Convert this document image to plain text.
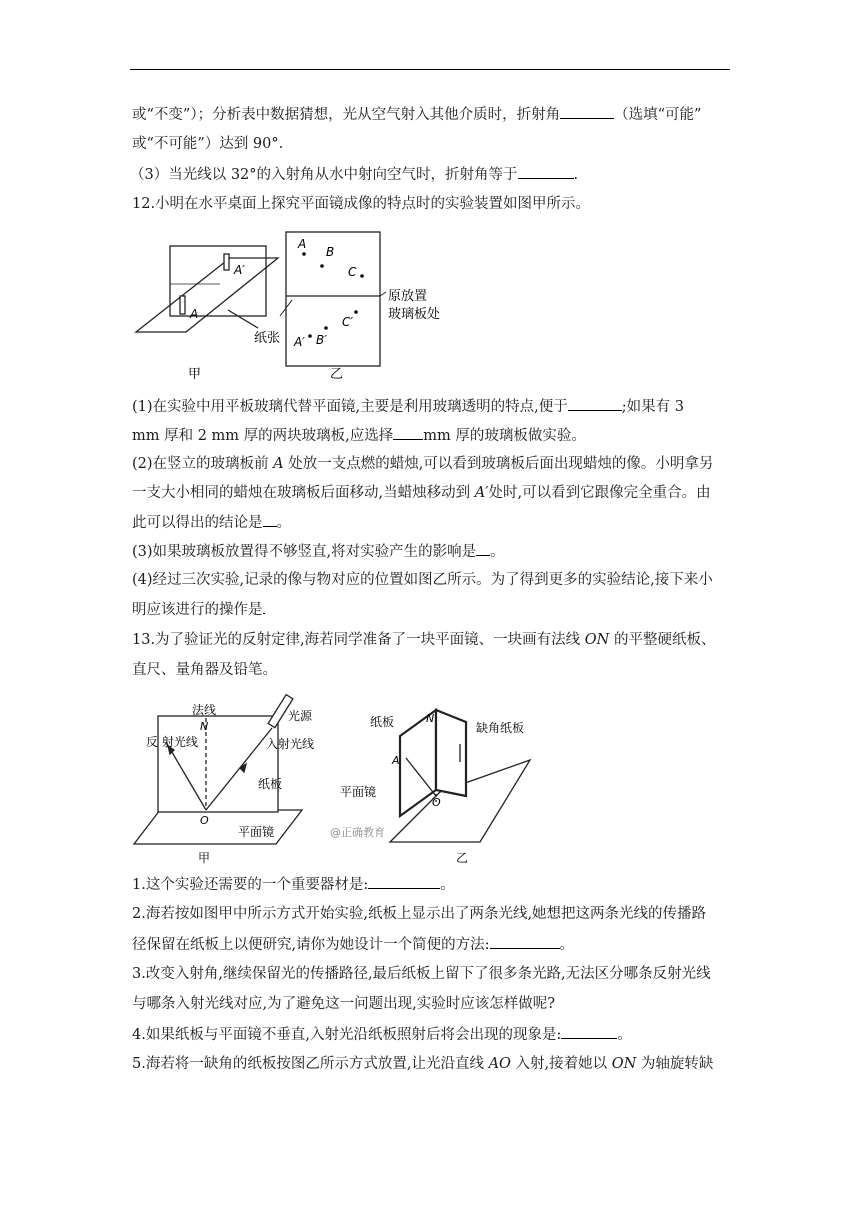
或“不变”）；分析表中数据猜想，光从空气射入其他介质时，折射角	（选填“可能”
或“不可能”）达到 90°.
（3）当光线以 32°的入射角从水中射向空气时，折射角等于	.
12.小明在水平桌面上探究平面镜成像的特点时的实验装置如图甲所示。
A′
A
纸张
甲
A
B
C
A′ B′
C′
原放置
玻璃板处
乙
(1)在实验中用平板玻璃代替平面镜,主要是利用玻璃透明的特点,便于	;如果有 3
mm 厚和 2 mm 厚的两块玻璃板,应选择 mm 厚的玻璃板做实验。
(2)在竖立的玻璃板前 A 处放一支点燃的蜡烛,可以看到玻璃板后面出现蜡烛的像。小明拿另
一支大小相同的蜡烛在玻璃板后面移动,当蜡烛移动到 A′处时,可以看到它跟像完全重合。由
此可以得出的结论是 。
(3)如果玻璃板放置得不够竖直,将对实验产生的影响是 。
(4)经过三次实验,记录的像与物对应的位置如图乙所示。为了得到更多的实验结论,接下来小
明应该进行的操作是
13.为了验证光的反射定律,海若同学准备了一块平面镜、一块画有法线 ON 的平整硬纸板、
直尺、量角器及铅笔。
法线
N
光源
反 射光线	入射光线
纸板
O
平面镜
甲
纸板	N
缺角纸板
A
O
平面镜
@正确教育
乙
1.这个实验还需要的一个重要器材是:	。
2.海若按如图甲中所示方式开始实验,纸板上显示出了两条光线,她想把这两条光线的传播路
径保留在纸板上以便研究,请你为她设计一个简便的方法:	。
3.改变入射角,继续保留光的传播路径,最后纸板上留下了很多条光路,无法区分哪条反射光线
与哪条入射光线对应,为了避免这一问题出现,实验时应该怎样做呢?
4.如果纸板与平面镜不垂直,入射光沿纸板照射后将会出现的现象是:	。
5.海若将一缺角的纸板按图乙所示方式放置,让光沿直线 AO 入射,接着她以 ON 为轴旋转缺
